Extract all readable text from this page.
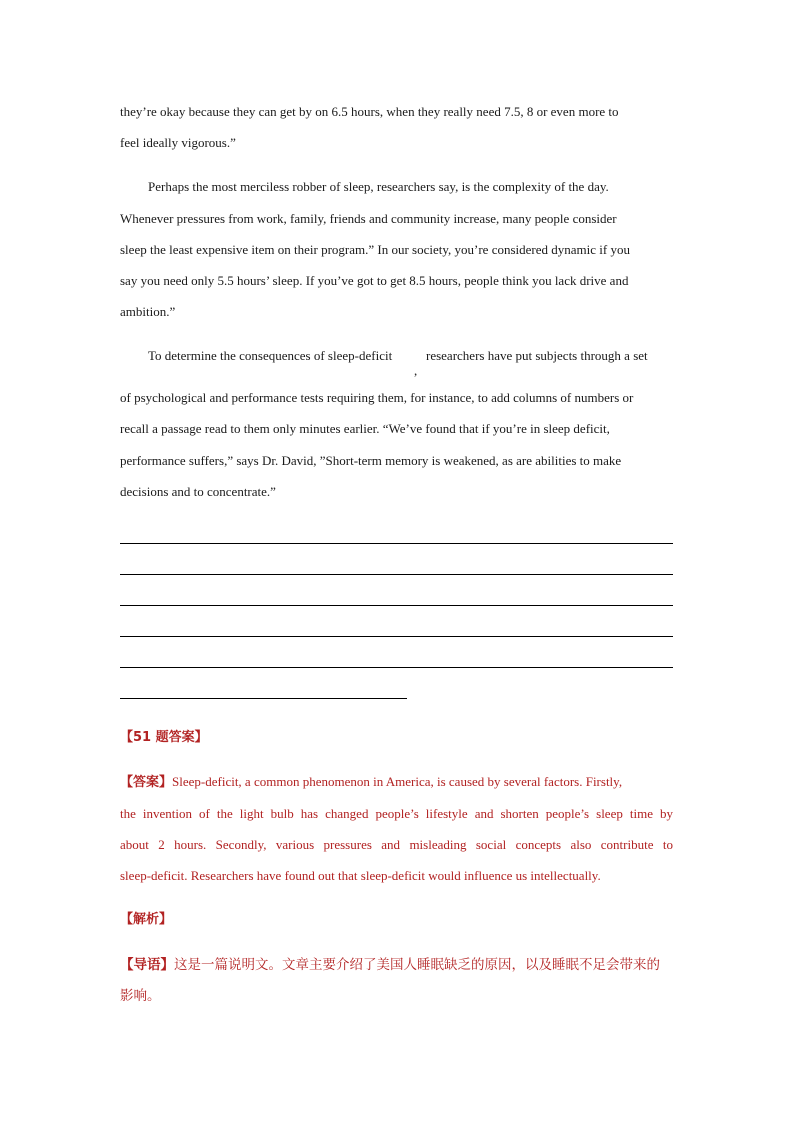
they’re okay because they can get by on 6.5 hours, when they really need 7.5, 8 or even more to
feel ideally vigorous.”
Perhaps the most merciless robber of sleep, researchers say, is the complexity of the day.
Whenever pressures from work, family, friends and community increase, many people consider
sleep the least expensive item on their program.” In our society, you’re considered dynamic if you
say you need only 5.5 hours’ sleep. If you’ve got to get 8.5 hours, people think you lack drive and
ambition.”
To determine the consequences of sleep-deficit
,
researchers have put subjects through a set
of psychological and performance tests requiring them, for instance, to add columns of numbers or
recall a passage read to them only minutes earlier. “We’ve found that if you’re in sleep deficit,
performance suffers,” says Dr. David, ”Short-term memory is weakened, as are abilities to make
decisions and to concentrate.”
【51 题答案】
【答案】Sleep-deficit, a common phenomenon in America, is caused by several factors. Firstly,
the invention of the light bulb has changed people’s lifestyle and shorten people’s sleep time by
about 2 hours. Secondly, various pressures and misleading social concepts also contribute to
sleep-deficit. Researchers have found out that sleep-deficit would influence us intellectually.
【解析】
【导语】这是一篇说明文。文章主要介绍了美国人睡眠缺乏的原因，以及睡眠不足会带来的
影响。
